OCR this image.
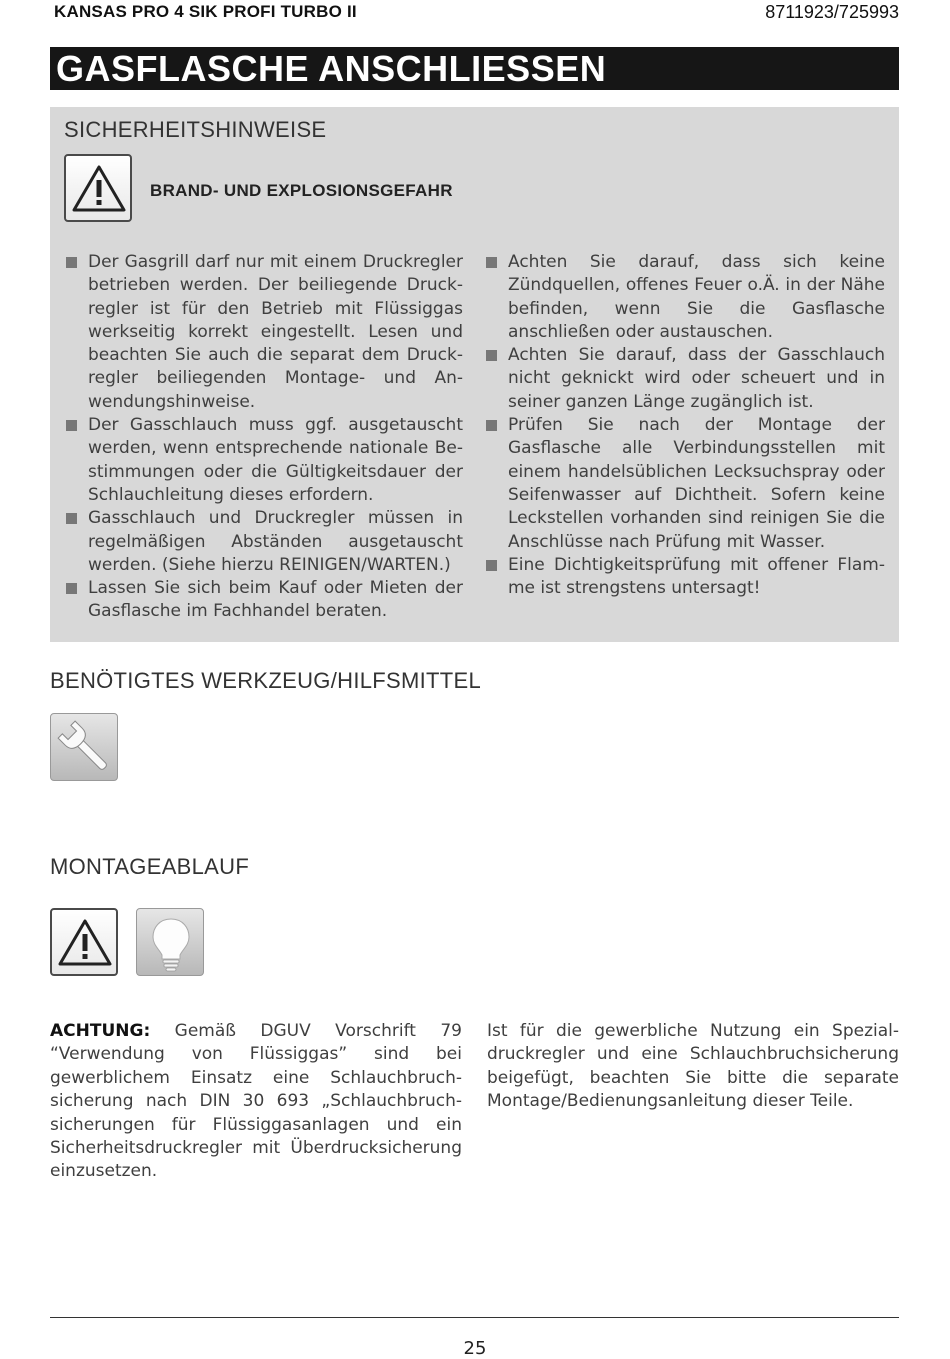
KANSAS PRO 4 SIK PROFI TURBO II	8711923/725993
GASFLASCHE ANSCHLIESSEN
SICHERHEITSHINWEISE
BRAND- UND EXPLOSIONSGEFAHR

Der Gasgrill darf nur mit einem Druckregler betrieben werden. Der beiliegende Druckregler ist für den Betrieb mit Flüssiggas werkseitig korrekt eingestellt. Lesen und beachten Sie auch die separat dem Druckregler beiliegenden Montage- und Anwendungshinweise.

Der Gasschlauch muss ggf. ausgetauscht werden, wenn entsprechende nationale Bestimmungen oder die Gültigkeitsdauer der Schlauchleitung dieses erfordern.

Gasschlauch und Druckregler müssen in regelmäßigen Abständen ausgetauscht werden. (Siehe hierzu REINIGEN/WARTEN.)

Lassen Sie sich beim Kauf oder Mieten der Gasflasche im Fachhandel beraten.

Achten Sie darauf, dass sich keine Zündquellen, offenes Feuer o.Ä. in der Nähe befinden, wenn Sie die Gasflasche anschließen oder austauschen.

Achten Sie darauf, dass der Gasschlauch nicht geknickt wird oder scheuert und in seiner ganzen Länge zugänglich ist.

Prüfen Sie nach der Montage der Gasflasche alle Verbindungsstellen mit einem handelsüblichen Lecksuchspray oder Seifenwasser auf Dichtheit. Sofern keine Leckstellen vorhanden sind reinigen Sie die Anschlüsse nach Prüfung mit Wasser.

Eine Dichtigkeitsprüfung mit offener Flamme ist strengstens untersagt!

BENÖTIGTES WERKZEUG/HILFSMITTEL
MONTAGEABLAUF

ACHTUNG: Gemäß DGUV Vorschrift 79 “Verwendung von Flüssiggas” sind bei gewerblichem Einsatz eine Schlauchbruchsicherung nach DIN 30 693 „Schlauchbruchsicherungen für Flüssiggasanlagen und ein Sicherheitsdruckregler mit Überdrucksicherung einzusetzen.

Ist für die gewerbliche Nutzung ein Spezialdruckregler und eine Schlauchbruchsicherung beigefügt, beachten Sie bitte die separate Montage/Bedienungsanleitung dieser Teile.

25
